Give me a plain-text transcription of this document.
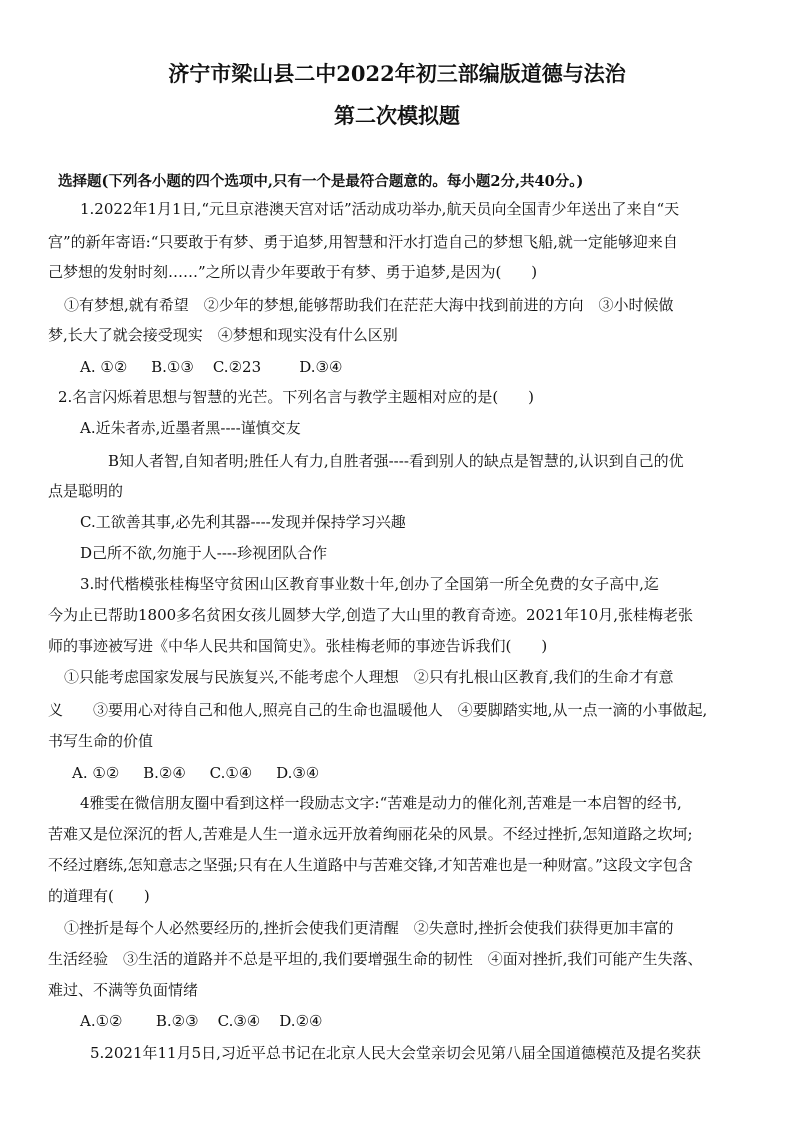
济宁市梁山县二中2022年初三部编版道德与法治
第二次模拟题
选择题(下列各小题的四个选项中,只有一个是最符合题意的。每小题2分,共40分。)
1.2022年1月1日,“元旦京港澳天宫对话”活动成功举办,航天员向全国青少年送出了来自“天
宫”的新年寄语:“只要敢于有梦、勇于追梦,用智慧和汗水打造自己的梦想飞船,就一定能够迎来自
己梦想的发射时刻……”之所以青少年要敢于有梦、勇于追梦,是因为(　　)
①有梦想,就有希望　②少年的梦想,能够帮助我们在茫茫大海中找到前进的方向　③小时候做
梦,长大了就会接受现实　④梦想和现实没有什么区别
A. ①②     B.①③    C.②23        D.③④
2.名言闪烁着思想与智慧的光芒。下列名言与教学主题相对应的是(　　)
A.近朱者赤,近墨者黑----谨慎交友
B知人者智,自知者明;胜任人有力,自胜者强----看到别人的缺点是智慧的,认识到自己的优
点是聪明的
C.工欲善其事,必先利其器----发现并保持学习兴趣
D己所不欲,勿施于人----珍视团队合作
3.时代楷模张桂梅坚守贫困山区教育事业数十年,创办了全国第一所全免费的女子高中,迄
今为止已帮助1800多名贫困女孩儿圆梦大学,创造了大山里的教育奇迹。2021年10月,张桂梅老张
师的事迹被写进《中华人民共和国简史》。张桂梅老师的事迹告诉我们(　　)
①只能考虑国家发展与民族复兴,不能考虑个人理想　②只有扎根山区教育,我们的生命才有意
义　　③要用心对待自己和他人,照亮自己的生命也温暖他人　④要脚踏实地,从一点一滴的小事做起,
书写生命的价值
A. ①②     B.②④     C.①④     D.③④
4雅雯在微信朋友圈中看到这样一段励志文字:“苦难是动力的催化剂,苦难是一本启智的经书,
苦难又是位深沉的哲人,苦难是人生一道永远开放着绚丽花朵的风景。不经过挫折,怎知道路之坎坷;
不经过磨练,怎知意志之坚强;只有在人生道路中与苦难交锋,才知苦难也是一种财富。”这段文字包含
的道理有(　　)
①挫折是每个人必然要经历的,挫折会使我们更清醒　②失意时,挫折会使我们获得更加丰富的
生活经验　③生活的道路并不总是平坦的,我们要增强生命的韧性　④面对挫折,我们可能产生失落、
难过、不满等负面情绪
A.①②       B.②③    C.③④    D.②④
5.2021年11月5日,习近平总书记在北京人民大会堂亲切会见第八届全国道德模范及提名奖获
